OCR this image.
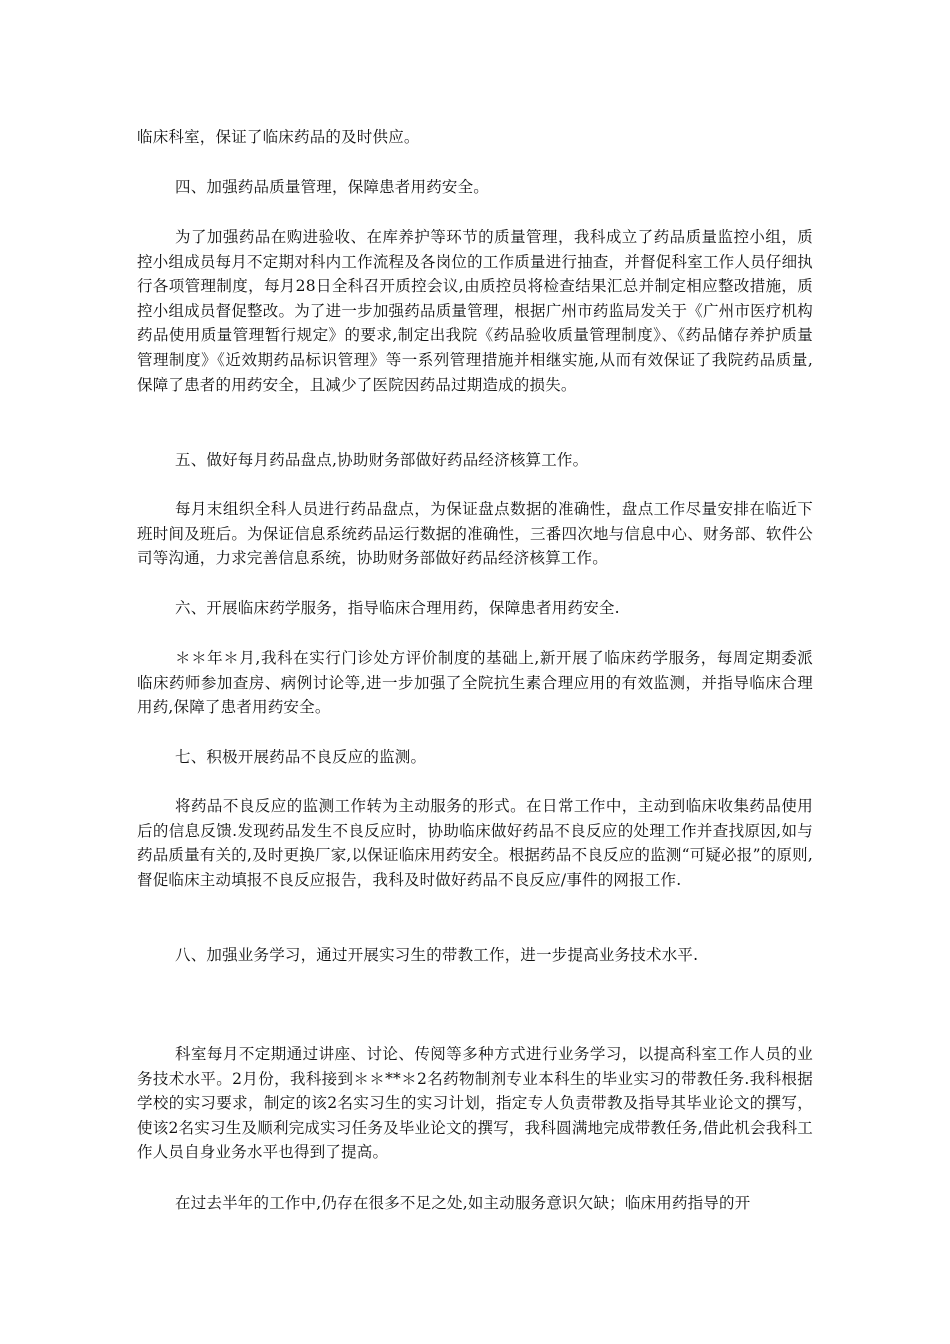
临床科室，保证了临床药品的及时供应。

四、加强药品质量管理，保障患者用药安全。

为了加强药品在购进验收、在库养护等环节的质量管理，我科成立了药品质量监控小组，质控小组成员每月不定期对科内工作流程及各岗位的工作质量进行抽查，并督促科室工作人员仔细执行各项管理制度，每月28日全科召开质控会议,由质控员将检查结果汇总并制定相应整改措施，质控小组成员督促整改。为了进一步加强药品质量管理，根据广州市药监局发关于《广州市医疗机构药品使用质量管理暂行规定》的要求,制定出我院《药品验收质量管理制度》、《药品储存养护质量管理制度》《近效期药品标识管理》等一系列管理措施并相继实施,从而有效保证了我院药品质量,保障了患者的用药安全，且减少了医院因药品过期造成的损失。

五、做好每月药品盘点,协助财务部做好药品经济核算工作。

每月末组织全科人员进行药品盘点，为保证盘点数据的准确性，盘点工作尽量安排在临近下班时间及班后。为保证信息系统药品运行数据的准确性，三番四次地与信息中心、财务部、软件公司等沟通，力求完善信息系统，协助财务部做好药品经济核算工作。

六、开展临床药学服务，指导临床合理用药，保障患者用药安全.

＊＊年＊月,我科在实行门诊处方评价制度的基础上,新开展了临床药学服务，每周定期委派临床药师参加查房、病例讨论等,进一步加强了全院抗生素合理应用的有效监测，并指导临床合理用药,保障了患者用药安全。

七、积极开展药品不良反应的监测。

将药品不良反应的监测工作转为主动服务的形式。在日常工作中，主动到临床收集药品使用后的信息反馈.发现药品发生不良反应时，协助临床做好药品不良反应的处理工作并查找原因,如与药品质量有关的,及时更换厂家,以保证临床用药安全。根据药品不良反应的监测“可疑必报”的原则,督促临床主动填报不良反应报告，我科及时做好药品不良反应/事件的网报工作.

八、加强业务学习，通过开展实习生的带教工作，进一步提高业务技术水平.

科室每月不定期通过讲座、讨论、传阅等多种方式进行业务学习，以提高科室工作人员的业务技术水平。2月份，我科接到＊＊**＊2名药物制剂专业本科生的毕业实习的带教任务.我科根据学校的实习要求，制定的该2名实习生的实习计划，指定专人负责带教及指导其毕业论文的撰写，使该2名实习生及顺利完成实习任务及毕业论文的撰写，我科圆满地完成带教任务,借此机会我科工作人员自身业务水平也得到了提高。

在过去半年的工作中,仍存在很多不足之处,如主动服务意识欠缺；临床用药指导的开
